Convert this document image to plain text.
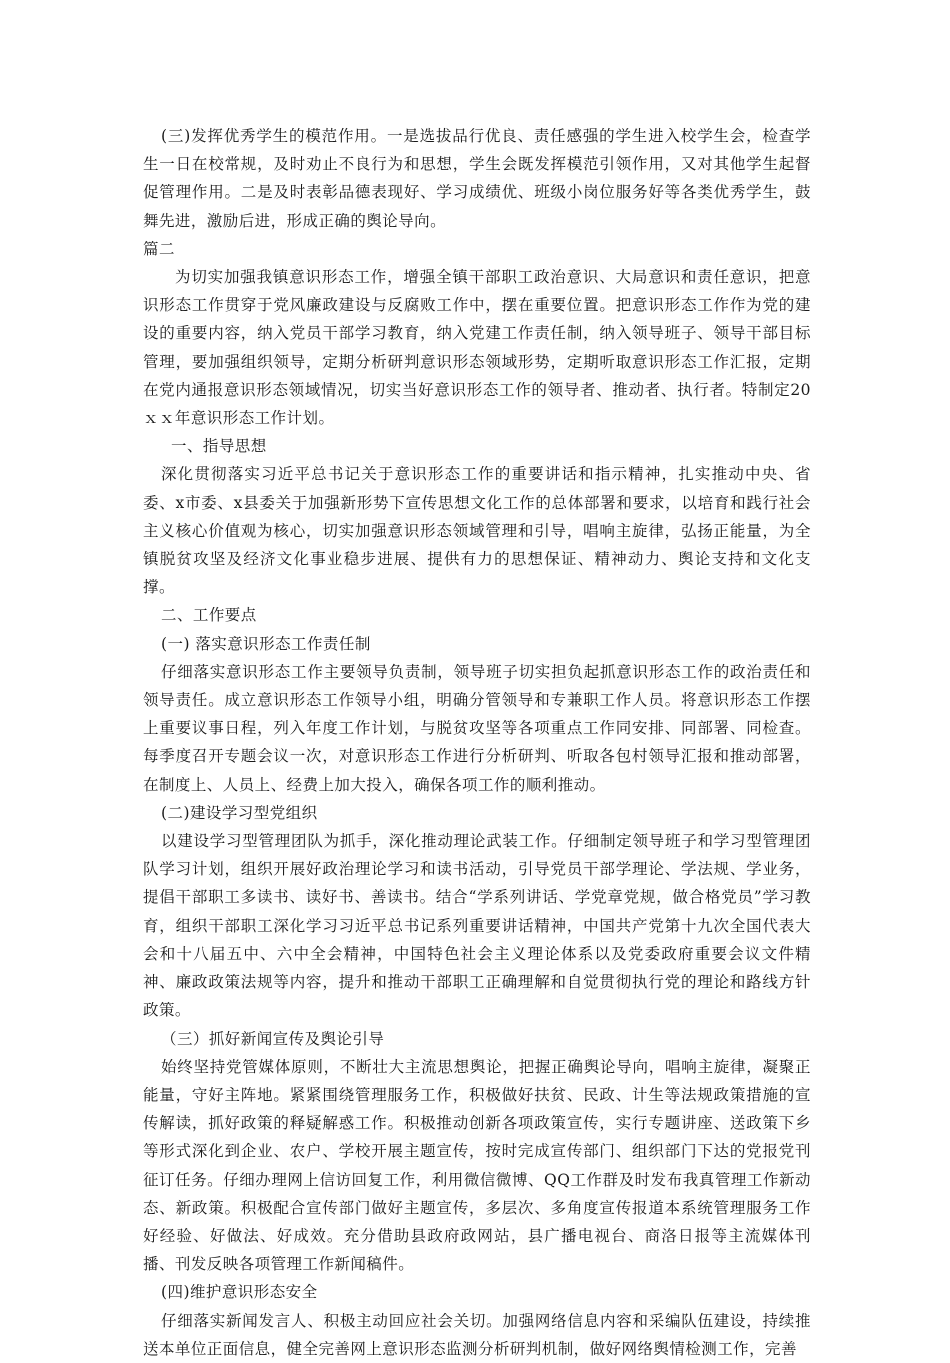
(三)发挥优秀学生的模范作用。一是选拔品行优良、责任感强的学生进入校学生会，检查学生一日在校常规，及时劝止不良行为和思想，学生会既发挥模范引领作用，又对其他学生起督促管理作用。二是及时表彰品德表现好、学习成绩优、班级小岗位服务好等各类优秀学生，鼓舞先进，激励后进，形成正确的舆论导向。

篇二

为切实加强我镇意识形态工作，增强全镇干部职工政治意识、大局意识和责任意识，把意识形态工作贯穿于党风廉政建设与反腐败工作中，摆在重要位置。把意识形态工作作为党的建设的重要内容，纳入党员干部学习教育，纳入党建工作责任制，纳入领导班子、领导干部目标管理，要加强组织领导，定期分析研判意识形态领域形势，定期听取意识形态工作汇报，定期在党内通报意识形态领域情况，切实当好意识形态工作的领导者、推动者、执行者。特制定20ｘｘ年意识形态工作计划。

一、指导思想

深化贯彻落实习近平总书记关于意识形态工作的重要讲话和指示精神，扎实推动中央、省委、x市委、x县委关于加强新形势下宣传思想文化工作的总体部署和要求，以培育和践行社会主义核心价值观为核心，切实加强意识形态领域管理和引导，唱响主旋律，弘扬正能量，为全镇脱贫攻坚及经济文化事业稳步进展、提供有力的思想保证、精神动力、舆论支持和文化支撑。

二、工作要点

(一) 落实意识形态工作责任制

仔细落实意识形态工作主要领导负责制，领导班子切实担负起抓意识形态工作的政治责任和领导责任。成立意识形态工作领导小组，明确分管领导和专兼职工作人员。将意识形态工作摆上重要议事日程，列入年度工作计划，与脱贫攻坚等各项重点工作同安排、同部署、同检查。每季度召开专题会议一次，对意识形态工作进行分析研判、听取各包村领导汇报和推动部署，在制度上、人员上、经费上加大投入，确保各项工作的顺利推动。

(二)建设学习型党组织

以建设学习型管理团队为抓手，深化推动理论武装工作。仔细制定领导班子和学习型管理团队学习计划，组织开展好政治理论学习和读书活动，引导党员干部学理论、学法规、学业务，提倡干部职工多读书、读好书、善读书。结合“学系列讲话、学党章党规，做合格党员”学习教育，组织干部职工深化学习习近平总书记系列重要讲话精神，中国共产党第十九次全国代表大会和十八届五中、六中全会精神，中国特色社会主义理论体系以及党委政府重要会议文件精神、廉政政策法规等内容，提升和推动干部职工正确理解和自觉贯彻执行党的理论和路线方针政策。

（三）抓好新闻宣传及舆论引导

始终坚持党管媒体原则，不断壮大主流思想舆论，把握正确舆论导向，唱响主旋律，凝聚正能量，守好主阵地。紧紧围绕管理服务工作，积极做好扶贫、民政、计生等法规政策措施的宣传解读，抓好政策的释疑解惑工作。积极推动创新各项政策宣传，实行专题讲座、送政策下乡等形式深化到企业、农户、学校开展主题宣传，按时完成宣传部门、组织部门下达的党报党刊征订任务。仔细办理网上信访回复工作，利用微信微博、QQ工作群及时发布我真管理工作新动态、新政策。积极配合宣传部门做好主题宣传，多层次、多角度宣传报道本系统管理服务工作好经验、好做法、好成效。充分借助县政府政网站，县广播电视台、商洛日报等主流媒体刊播、刊发反映各项管理工作新闻稿件。

(四)维护意识形态安全

仔细落实新闻发言人、积极主动回应社会关切。加强网络信息内容和采编队伍建设，持续推送本单位正面信息，健全完善网上意识形态监测分析研判机制，做好网络舆情检测工作，完善
